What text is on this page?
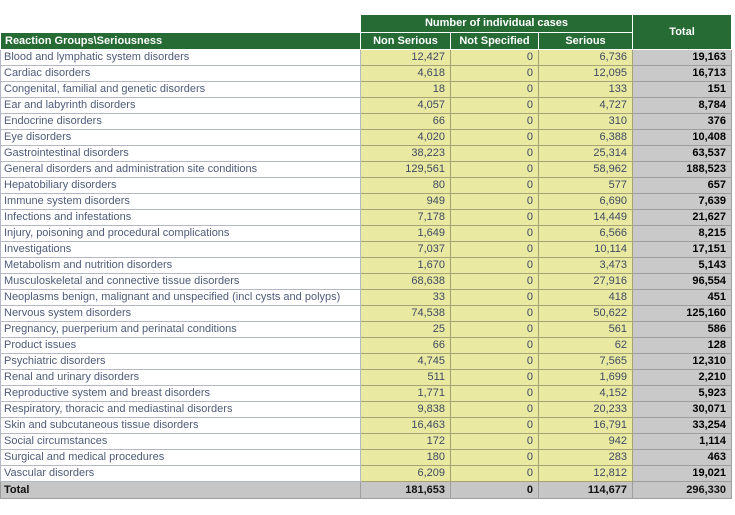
	Number of individual cases			Total
Reaction Groups\Seriousness	Non Serious	Not Specified	Serious	
Blood and lymphatic system disorders	12,427	0	6,736	19,163
Cardiac disorders	4,618	0	12,095	16,713
Congenital, familial and genetic disorders	18	0	133	151
Ear and labyrinth disorders	4,057	0	4,727	8,784
Endocrine disorders	66	0	310	376
Eye disorders	4,020	0	6,388	10,408
Gastrointestinal disorders	38,223	0	25,314	63,537
General disorders and administration site conditions	129,561	0	58,962	188,523
Hepatobiliary disorders	80	0	577	657
Immune system disorders	949	0	6,690	7,639
Infections and infestations	7,178	0	14,449	21,627
Injury, poisoning and procedural complications	1,649	0	6,566	8,215
Investigations	7,037	0	10,114	17,151
Metabolism and nutrition disorders	1,670	0	3,473	5,143
Musculoskeletal and connective tissue disorders	68,638	0	27,916	96,554
Neoplasms benign, malignant and unspecified (incl cysts and polyps)	33	0	418	451
Nervous system disorders	74,538	0	50,622	125,160
Pregnancy, puerperium and perinatal conditions	25	0	561	586
Product issues	66	0	62	128
Psychiatric disorders	4,745	0	7,565	12,310
Renal and urinary disorders	511	0	1,699	2,210
Reproductive system and breast disorders	1,771	0	4,152	5,923
Respiratory, thoracic and mediastinal disorders	9,838	0	20,233	30,071
Skin and subcutaneous tissue disorders	16,463	0	16,791	33,254
Social circumstances	172	0	942	1,114
Surgical and medical procedures	180	0	283	463
Vascular disorders	6,209	0	12,812	19,021
Total	181,653	0	114,677	296,330
